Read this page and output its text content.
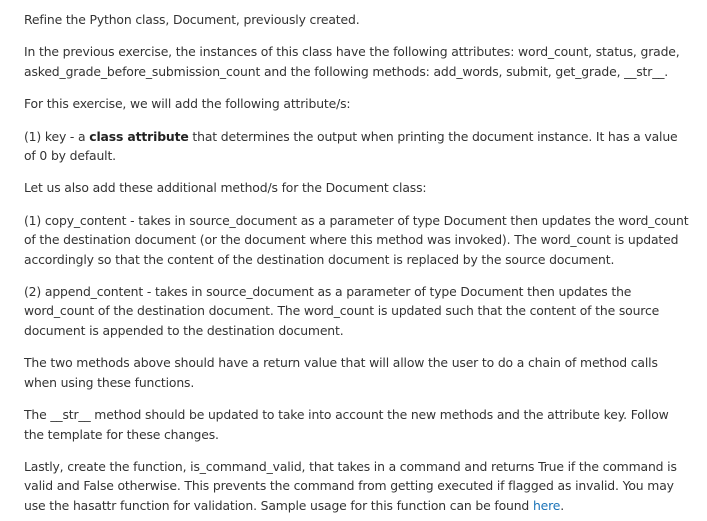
Refine the Python class, Document, previously created.

In the previous exercise, the instances of this class have the following attributes: word_count, status, grade, asked_grade_before_submission_count and the following methods: add_words, submit, get_grade, __str__.

For this exercise, we will add the following attribute/s:

(1) key - a class attribute that determines the output when printing the document instance. It has a value of 0 by default.

Let us also add these additional method/s for the Document class:

(1) copy_content - takes in source_document as a parameter of type Document then updates the word_count of the destination document (or the document where this method was invoked). The word_count is updated accordingly so that the content of the destination document is replaced by the source document.

(2) append_content - takes in source_document as a parameter of type Document then updates the word_count of the destination document. The word_count is updated such that the content of the source document is appended to the destination document.

The two methods above should have a return value that will allow the user to do a chain of method calls when using these functions.

The __str__ method should be updated to take into account the new methods and the attribute key. Follow the template for these changes.

Lastly, create the function, is_command_valid, that takes in a command and returns True if the command is valid and False otherwise. This prevents the command from getting executed if flagged as invalid. You may use the hasattr function for validation. Sample usage for this function can be found here.
